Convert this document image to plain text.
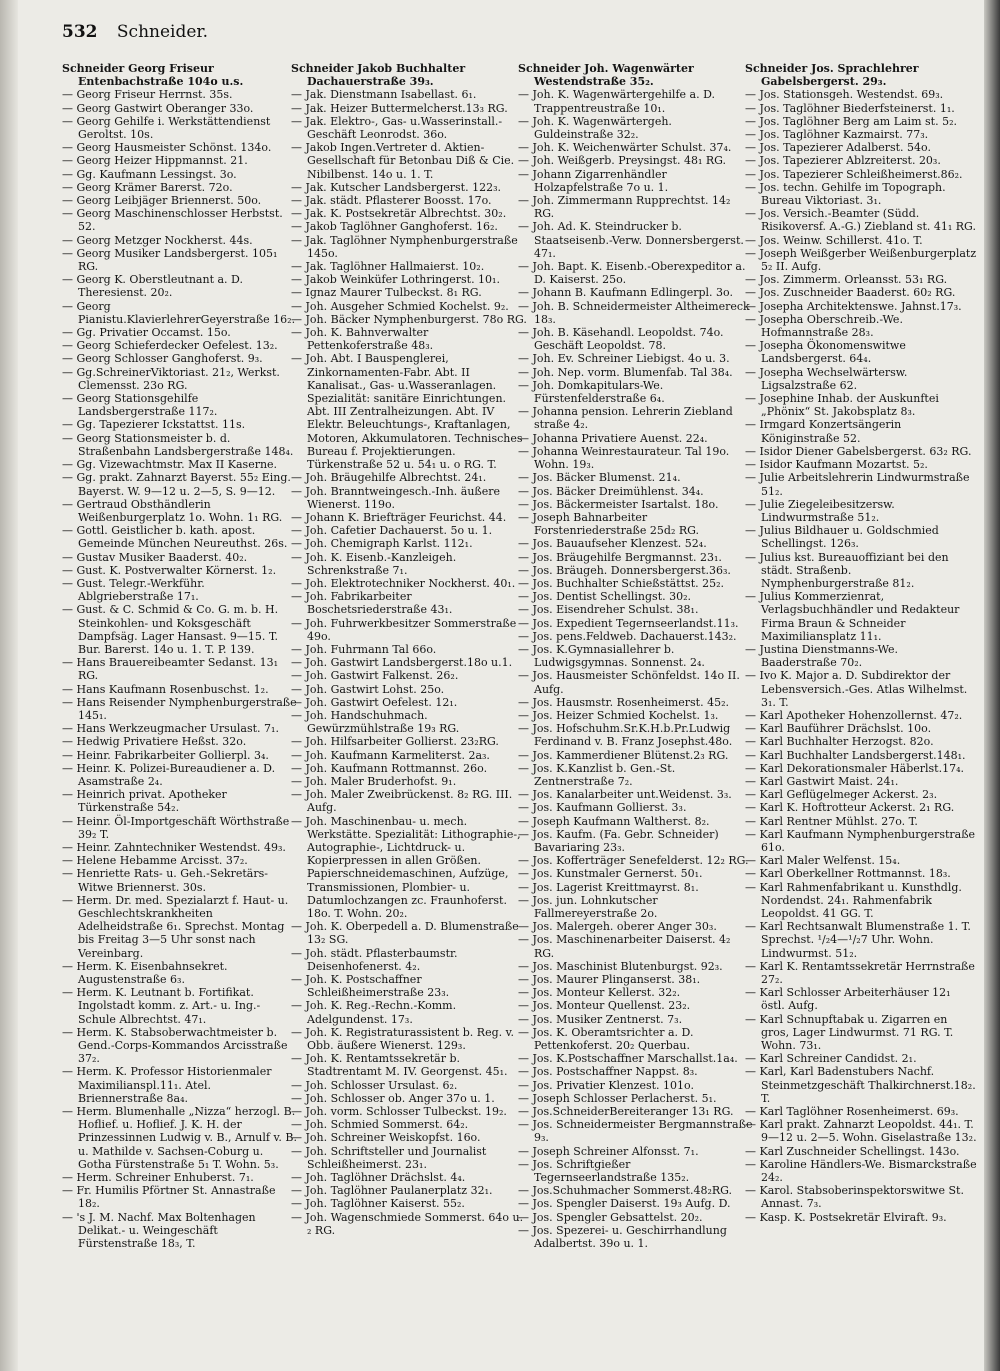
532 Schneider.

Schneider Georg Friseur Entenbachstraße 104o u.s.

— Georg Friseur Herrnst. 35s.

— Georg Gastwirt Oberanger 33o.

— Georg Gehilfe i. Werkstättendienst Geroltst. 10s.

— Georg Hausmeister Schönst. 134o.

— Georg Heizer Hippmannst. 21.

— Gg. Kaufmann Lessingst. 3o.

— Georg Krämer Barerst. 72o.

— Georg Leibjäger Briennerst. 50o.

— Georg Maschinenschlosser Herbstst. 52.

— Georg Metzger Nockherst. 44s.

— Georg Musiker Landsbergerst. 105₁ RG.

— Georg K. Oberstleutnant a. D. Theresienst. 20₂.

— Georg Pianistu.KlavierlehrerGeyerstraße 16₂.

— Gg. Privatier Occamst. 15o.

— Georg Schieferdecker Oefelest. 13₂.

— Georg Schlosser Ganghoferst. 9₃.

— Gg.SchreinerViktoriast. 21₂, Werkst. Clemensst. 23o RG.

— Georg Stationsgehilfe Landsbergerstraße 117₂.

— Gg. Tapezierer Ickstattst. 11s.

— Georg Stationsmeister b. d. Straßenbahn Landsbergerstraße 148₄.

— Gg. Vizewachtmstr. Max II Kaserne.

— Gg. prakt. Zahnarzt Bayerst. 55₂ Eing. Bayerst. W. 9—12 u. 2—5, S. 9—12.

— Gertraud Obsthändlerin Weißenburgerplatz 1o. Wohn. 1₁ RG.

— Gottl. Geistlicher b. kath. apost. Gemeinde München Neureuthst. 26s.

— Gustav Musiker Baaderst. 40₂.

— Gust. K. Postverwalter Körnerst. 1₂.

— Gust. Telegr.-Werkführ. Ablgrieberstraße 17₁.

— Gust. & C. Schmid & Co. G. m. b. H. Steinkohlen- und Koksgeschäft Dampfsäg. Lager Hansast. 9—15. T. Bur. Barerst. 14o u. 1. T. P. 139.

— Hans Brauereibeamter Sedanst. 13₁ RG.

— Hans Kaufmann Rosenbuschst. 1₂.

— Hans Reisender Nymphenburgerstraße 145₁.

— Hans Werkzeugmacher Ursulast. 7₁.

— Hedwig Privatiere Heßst. 32o.

— Heinr. Fabrikarbeiter Gollierpl. 3₄.

— Heinr. K. Polizei-Bureaudiener a. D. Asamstraße 2₄.

— Heinrich privat. Apotheker Türkenstraße 54₂.

— Heinr. Öl-Importgeschäft Wörthstraße 39₂ T.

— Heinr. Zahntechniker Westendst. 49₃.

— Helene Hebamme Arcisst. 37₂.

— Henriette Rats- u. Geh.-Sekretärs-Witwe Briennerst. 30s.

— Herm. Dr. med. Spezialarzt f. Haut- u. Geschlechtskrankheiten Adelheidstraße 6₁. Sprechst. Montag bis Freitag 3—5 Uhr sonst nach Vereinbarg.

— Herm. K. Eisenbahnsekret. Augustenstraße 6₃.

— Herm. K. Leutnant b. Fortifikat. Ingolstadt komm. z. Art.- u. Ing.-Schule Albrechtst. 47₁.

— Herm. K. Stabsoberwachtmeister b. Gend.-Corps-Kommandos Arcisstraße 37₂.

— Herm. K. Professor Historienmaler Maximilianspl.11₁. Atel. Briennerstraße 8a₄.

— Herm. Blumenhalle „Nizza“ herzogl. B. Hoflief. u. Hoflief. J. K. H. der Prinzessinnen Ludwig v. B., Arnulf v. B. u. Mathilde v. Sachsen-Coburg u. Gotha Fürstenstraße 5₁ T. Wohn. 5₃.

— Herm. Schreiner Enhuberst. 7₁.

— Fr. Humilis Pförtner St. Annastraße 18₂.

— 's J. M. Nachf. Max Boltenhagen Delikat.- u. Weingeschäft Fürstenstraße 18₃, T.

Schneider Jakob Buchhalter Dachauerstraße 39₃.

— Jak. Dienstmann Isabellast. 6₁.

— Jak. Heizer Buttermelcherst.13₃ RG.

— Jak. Elektro-, Gas- u.Wasserinstall.-Geschäft Leonrodst. 36o.

— Jakob Ingen.Vertreter d. Aktien-Gesellschaft für Betonbau Diß & Cie. Nibilbenst. 14o u. 1. T.

— Jak. Kutscher Landsbergerst. 122₃.

— Jak. städt. Pflasterer Boosst. 17o.

— Jak. K. Postsekretär Albrechtst. 30₂.

— Jakob Taglöhner Ganghoferst. 16₂.

— Jak. Taglöhner Nymphenburgerstraße 145o.

— Jak. Taglöhner Hallmaierst. 10₂.

— Jakob Weinküfer Lothringerst. 10₁.

— Ignaz Maurer Tulbeckst. 8₁ RG.

— Joh. Ausgeher Schmied Kochelst. 9₂.

— Joh. Bäcker Nymphenburgerst. 78o RG.

— Joh. K. Bahnverwalter Pettenkoferstraße 48₃.

— Joh. Abt. I Bauspenglerei, Zinkornamenten-Fabr. Abt. II Kanalisat., Gas- u.Wasseranlagen. Spezialität: sanitäre Einrichtungen. Abt. III Zentralheizungen. Abt. IV Elektr. Beleuchtungs-, Kraftanlagen, Motoren, Akkumulatoren. Technisches Bureau f. Projektierungen. Türkenstraße 52 u. 54₁ u. o RG. T.

— Joh. Bräugehilfe Albrechtst. 24₁.

— Joh. Branntweingesch.-Inh. äußere Wienerst. 119o.

— Johann K. Briefträger Feurichst. 44.

— Joh. Cafetier Dachauerst. 5o u. 1.

— Joh. Chemigraph Karlst. 112₁.

— Joh. K. Eisenb.-Kanzleigeh. Schrenkstraße 7₁.

— Joh. Elektrotechniker Nockherst. 40₁.

— Joh. Fabrikarbeiter Boschetsriederstraße 43₁.

— Joh. Fuhrwerkbesitzer Sommerstraße 49o.

— Joh. Fuhrmann Tal 66o.

— Joh. Gastwirt Landsbergerst.18o u.1.

— Joh. Gastwirt Falkenst. 26₂.

— Joh. Gastwirt Lohst. 25o.

— Joh. Gastwirt Oefelest. 12₁.

— Joh. Handschuhmach. Gewürzmühlstraße 19₃ RG.

— Joh. Hilfsarbeiter Gollierst. 23₂RG.

— Joh. Kaufmann Karmeliterst. 2a₃.

— Joh. Kaufmann Rottmannst. 26o.

— Joh. Maler Bruderhofst. 9₁.

— Joh. Maler Zweibrückenst. 8₂ RG. III. Aufg.

— Joh. Maschinenbau- u. mech. Werkstätte. Spezialität: Lithographie-, Autographie-, Lichtdruck- u. Kopierpressen in allen Größen. Papierschneidemaschinen, Aufzüge, Transmissionen, Plombier- u. Datumlochzangen zc. Fraunhoferst. 18o. T. Wohn. 20₂.

— Joh. K. Oberpedell a. D. Blumenstraße 13₂ SG.

— Joh. städt. Pflasterbaumstr. Deisenhofenerst. 4₂.

— Joh. K. Postschaffner Schleißheimerstraße 23₃.

— Joh. K. Reg.-Rechn.-Komm. Adelgundenst. 17₃.

— Joh. K. Registraturassistent b. Reg. v. Obb. äußere Wienerst. 129₃.

— Joh. K. Rentamtssekretär b. Stadtrentamt M. IV. Georgenst. 45₁.

— Joh. Schlosser Ursulast. 6₂.

— Joh. Schlosser ob. Anger 37o u. 1.

— Joh. vorm. Schlosser Tulbeckst. 19₂.

— Joh. Schmied Sommerst. 64₂.

— Joh. Schreiner Weiskopfst. 16o.

— Joh. Schriftsteller und Journalist Schleißheimerst. 23₁.

— Joh. Taglöhner Drächslst. 4₄.

— Joh. Taglöhner Paulanerplatz 32₁.

— Joh. Taglöhner Kaiserst. 55₂.

— Joh. Wagenschmiede Sommerst. 64o u. ₂ RG.

Schneider Joh. Wagenwärter Westendstraße 35₂.

— Joh. K. Wagenwärtergehilfe a. D. Trappentreustraße 10₁.

— Joh. K. Wagenwärtergeh. Guldeinstraße 32₂.

— Joh. K. Weichenwärter Schulst. 37₄.

— Joh. Weißgerb. Preysingst. 48₁ RG.

— Johann Zigarrenhändler Holzapfelstraße 7o u. 1.

— Joh. Zimmermann Rupprechtst. 14₂ RG.

— Joh. Ad. K. Steindrucker b. Staatseisenb.-Verw. Donnersbergerst. 47₁.

— Joh. Bapt. K. Eisenb.-Oberexpeditor a. D. Kaiserst. 25o.

— Johann B. Kaufmann Edlingerpl. 3o.

— Joh. B. Schneidermeister Altheimereck 18₃.

— Joh. B. Käsehandl. Leopoldst. 74o. Geschäft Leopoldst. 78.

— Joh. Ev. Schreiner Liebigst. 4o u. 3.

— Joh. Nep. vorm. Blumenfab. Tal 38₄.

— Joh. Domkapitulars-We. Fürstenfelderstraße 6₄.

— Johanna pension. Lehrerin Ziebland straße 4₂.

— Johanna Privatiere Auenst. 22₄.

— Johanna Weinrestaurateur. Tal 19o. Wohn. 19₃.

— Jos. Bäcker Blumenst. 21₄.

— Jos. Bäcker Dreimühlenst. 34₄.

— Jos. Bäckermeister Isartalst. 18o.

— Joseph Bahnarbeiter Forstenriederstraße 25d₂ RG.

— Jos. Bauaufseher Klenzest. 52₄.

— Jos. Bräugehilfe Bergmannst. 23₁.

— Jos. Bräugeh. Donnersbergerst.36₃.

— Jos. Buchhalter Schießstättst. 25₂.

— Jos. Dentist Schellingst. 30₂.

— Jos. Eisendreher Schulst. 38₁.

— Jos. Expedient Tegernseerlandst.11₃.

— Jos. pens.Feldweb. Dachauerst.143₂.

— Jos. K.Gymnasiallehrer b. Ludwigsgymnas. Sonnenst. 2₄.

— Jos. Hausmeister Schönfeldst. 14o II. Aufg.

— Jos. Hausmstr. Rosenheimerst. 45₂.

— Jos. Heizer Schmied Kochelst. 1₃.

— Jos. Hofschuhm.Sr.K.H.b.Pr.Ludwig Ferdinand v. B. Franz Josephst.48o.

— Jos. Kammerdiener Blütenst.2₃ RG.

— Jos. K.Kanzlist b. Gen.-St. Zentnerstraße 7₂.

— Jos. Kanalarbeiter unt.Weidenst. 3₃.

— Jos. Kaufmann Gollierst. 3₃.

— Joseph Kaufmann Waltherst. 8₂.

— Jos. Kaufm. (Fa. Gebr. Schneider) Bavariaring 23₃.

— Jos. Kofferträger Senefelderst. 12₂ RG.

— Jos. Kunstmaler Gernerst. 50₁.

— Jos. Lagerist Kreittmayrst. 8₁.

— Jos. jun. Lohnkutscher Fallmereyerstraße 2o.

— Jos. Malergeh. oberer Anger 30₃.

— Jos. Maschinenarbeiter Daiserst. 4₂ RG.

— Jos. Maschinist Blutenburgst. 92₃.

— Jos. Maurer Plinganserst. 38₁.

— Jos. Monteur Kellerst. 32₂.

— Jos. Monteur Quellenst. 23₂.

— Jos. Musiker Zentnerst. 7₃.

— Jos. K. Oberamtsrichter a. D. Pettenkoferst. 20₂ Querbau.

— Jos. K.Postschaffner Marschallst.1a₄.

— Jos. Postschaffner Nappst. 8₃.

— Jos. Privatier Klenzest. 101o.

— Joseph Schlosser Perlacherst. 5₁.

— Jos.SchneiderBereiteranger 13₁ RG.

— Jos. Schneidermeister Bergmannstraße 9₃.

— Joseph Schreiner Alfonsst. 7₁.

— Jos. Schriftgießer Tegernseerlandstraße 135₂.

— Jos.Schuhmacher Sommerst.48₂RG.

— Jos. Spengler Daiserst. 19₃ Aufg. D.

— Jos. Spengler Gebsattelst. 20₂.

— Jos. Spezerei- u. Geschirrhandlung Adalbertst. 39o u. 1.

Schneider Jos. Sprachlehrer Gabelsbergerst. 29₃.

— Jos. Stationsgeh. Westendst. 69₃.

— Jos. Taglöhner Biederfsteinerst. 1₁.

— Jos. Taglöhner Berg am Laim st. 5₂.

— Jos. Taglöhner Kazmairst. 77₃.

— Jos. Tapezierer Adalberst. 54o.

— Jos. Tapezierer Ablzreiterst. 20₃.

— Jos. Tapezierer Schleißheimerst.86₂.

— Jos. techn. Gehilfe im Topograph. Bureau Viktoriast. 3₁.

— Jos. Versich.-Beamter (Südd. Risikoversf. A.-G.) Ziebland st. 41₁ RG.

— Jos. Weinw. Schillerst. 41o. T.

— Joseph Weißgerber Weißenburgerplatz 5₂ II. Aufg.

— Jos. Zimmerm. Orleansst. 53₁ RG.

— Jos. Zuschneider Baaderst. 60₂ RG.

— Josepha Architektenswe. Jahnst.17₃.

— Josepha Oberschreib.-We. Hofmannstraße 28₃.

— Josepha Ökonomenswitwe Landsbergerst. 64₄.

— Josepha Wechselwärtersw. Ligsalzstraße 62.

— Josephine Inhab. der Auskunftei „Phönix“ St. Jakobsplatz 8₃.

— Irmgard Konzertsängerin Königinstraße 52.

— Isidor Diener Gabelsbergerst. 63₂ RG.

— Isidor Kaufmann Mozartst. 5₂.

— Julie Arbeitslehrerin Lindwurmstraße 51₂.

— Julie Ziegeleibesitzersw. Lindwurmstraße 51₂.

— Julius Bildhauer u. Goldschmied Schellingst. 126₃.

— Julius kst. Bureauoffiziant bei den städt. Straßenb. Nymphenburgerstraße 81₂.

— Julius Kommerzienrat, Verlagsbuchhändler und Redakteur Firma Braun & Schneider Maximiliansplatz 11₁.

— Justina Dienstmanns-We. Baaderstraße 70₂.

— Ivo K. Major a. D. Subdirektor der Lebensversich.-Ges. Atlas Wilhelmst. 3₁. T.

— Karl Apotheker Hohenzollernst. 47₂.

— Karl Bauführer Drächslst. 10o.

— Karl Buchhalter Herzogst. 82o.

— Karl Buchhalter Landsbergerst.148₁.

— Karl Dekorationsmaler Häberlst.17₄.

— Karl Gastwirt Maist. 24₁.

— Karl Geflügelmeger Ackerst. 2₃.

— Karl K. Hoftrotteur Ackerst. 2₁ RG.

— Karl Rentner Mühlst. 27o. T.

— Karl Kaufmann Nymphenburgerstraße 61o.

— Karl Maler Welfenst. 15₄.

— Karl Oberkellner Rottmannst. 18₃.

— Karl Rahmenfabrikant u. Kunsthdlg. Nordendst. 24₁. Rahmenfabrik Leopoldst. 41 GG. T.

— Karl Rechtsanwalt Blumenstraße 1. T. Sprechst. ¹/₂4—¹/₂7 Uhr. Wohn. Lindwurmst. 51₂.

— Karl K. Rentamtssekretär Herrnstraße 27₂.

— Karl Schlosser Arbeiterhäuser 12₁ östl. Aufg.

— Karl Schnupftabak u. Zigarren en gros, Lager Lindwurmst. 71 RG. T. Wohn. 73₁.

— Karl Schreiner Candidst. 2₁.

— Karl, Karl Badenstubers Nachf. Steinmetzgeschäft Thalkirchnerst.18₂. T.

— Karl Taglöhner Rosenheimerst. 69₃.

— Karl prakt. Zahnarzt Leopoldst. 44₁. T. 9—12 u. 2—5. Wohn. Giselastraße 13₂.

— Karl Zuschneider Schellingst. 143o.

— Karoline Händlers-We. Bismarckstraße 24₂.

— Karol. Stabsoberinspektorswitwe St. Annast. 7₃.

— Kasp. K. Postsekretär Elviraft. 9₃.
